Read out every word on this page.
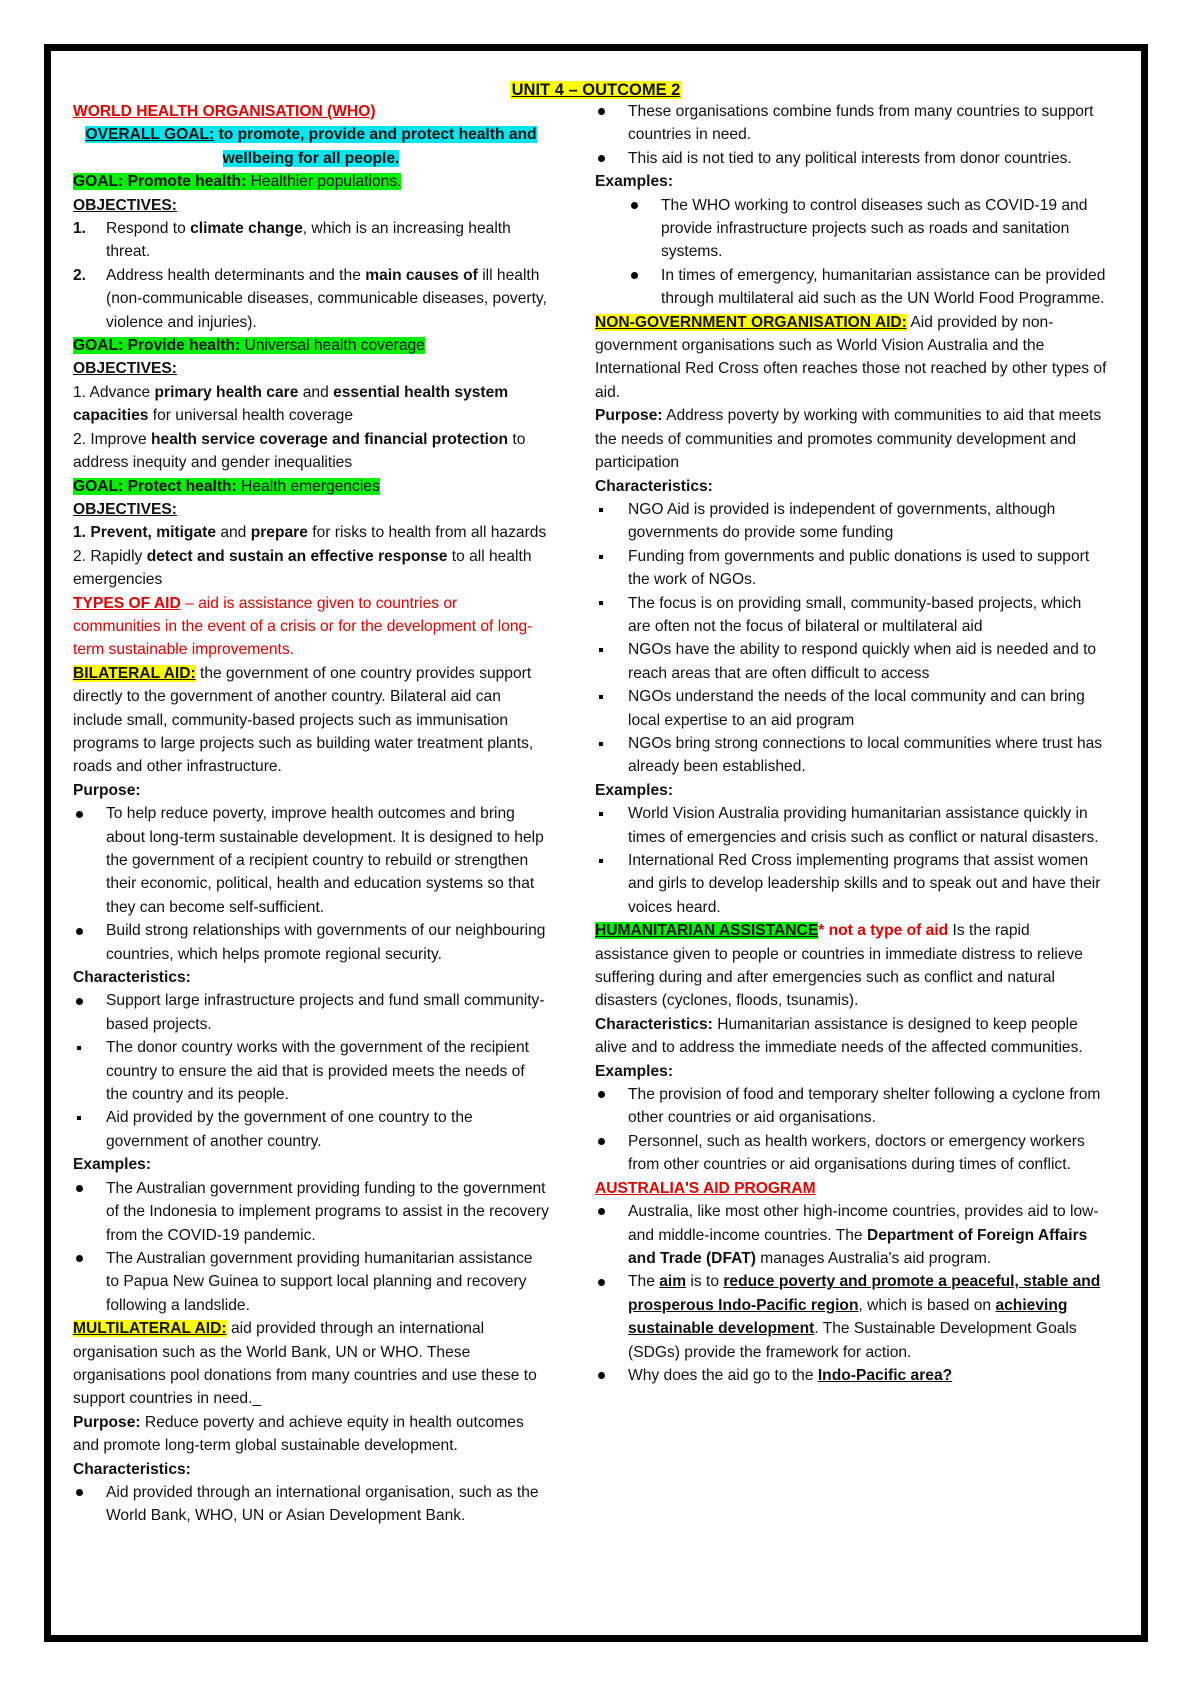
UNIT 4 – OUTCOME 2

WORLD HEALTH ORGANISATION (WHO)

OVERALL GOAL: to promote, provide and protect health and wellbeing for all people.

GOAL: Promote health: Healthier populations.

OBJECTIVES:

1.	Respond to climate change, which is an increasing health threat.
2.	Address health determinants and the main causes of ill health (non-communicable diseases, communicable diseases, poverty, violence and injuries).

GOAL: Provide health: Universal health coverage

OBJECTIVES:

1. Advance primary health care and essential health system capacities for universal health coverage

2. Improve health service coverage and financial protection to address inequity and gender inequalities

GOAL: Protect health: Health emergencies

OBJECTIVES:

1. Prevent, mitigate and prepare for risks to health from all hazards

2. Rapidly detect and sustain an effective response to all health emergencies

TYPES OF AID – aid is assistance given to countries or communities in the event of a crisis or for the development of long-term sustainable improvements.

BILATERAL AID: the government of one country provides support directly to the government of another country. Bilateral aid can include small, community-based projects such as immunisation programs to large projects such as building water treatment plants, roads and other infrastructure.

Purpose:

To help reduce poverty, improve health outcomes and bring about long-term sustainable development. It is designed to help the government of a recipient country to rebuild or strengthen their economic, political, health and education systems so that they can become self-sufficient.
Build strong relationships with governments of our neighbouring countries, which helps promote regional security.

Characteristics:

Support large infrastructure projects and fund small community-based projects.
The donor country works with the government of the recipient country to ensure the aid that is provided meets the needs of the country and its people.
Aid provided by the government of one country to the government of another country.

Examples:

The Australian government providing funding to the government of the Indonesia to implement programs to assist in the recovery from the COVID-19 pandemic.
The Australian government providing humanitarian assistance to Papua New Guinea to support local planning and recovery following a landslide.

MULTILATERAL AID: aid provided through an international organisation such as the World Bank, UN or WHO. These organisations pool donations from many countries and use these to support countries in need._

Purpose: Reduce poverty and achieve equity in health outcomes and promote long-term global sustainable development.

Characteristics:

Aid provided through an international organisation, such as the World Bank, WHO, UN or Asian Development Bank.
These organisations combine funds from many countries to support countries in need.
This aid is not tied to any political interests from donor countries.

Examples:

The WHO working to control diseases such as COVID-19 and provide infrastructure projects such as roads and sanitation systems.
In times of emergency, humanitarian assistance can be provided through multilateral aid such as the UN World Food Programme.

NON-GOVERNMENT ORGANISATION AID: Aid provided by non-government organisations such as World Vision Australia and the International Red Cross often reaches those not reached by other types of aid.

Purpose: Address poverty by working with communities to aid that meets the needs of communities and promotes community development and participation

Characteristics:

NGO Aid is provided is independent of governments, although governments do provide some funding
Funding from governments and public donations is used to support the work of NGOs.
The focus is on providing small, community-based projects, which are often not the focus of bilateral or multilateral aid
NGOs have the ability to respond quickly when aid is needed and to reach areas that are often difficult to access
NGOs understand the needs of the local community and can bring local expertise to an aid program
NGOs bring strong connections to local communities where trust has already been established.

Examples:

World Vision Australia providing humanitarian assistance quickly in times of emergencies and crisis such as conflict or natural disasters.
International Red Cross implementing programs that assist women and girls to develop leadership skills and to speak out and have their voices heard.

HUMANITARIAN ASSISTANCE* not a type of aid Is the rapid assistance given to people or countries in immediate distress to relieve suffering during and after emergencies such as conflict and natural disasters (cyclones, floods, tsunamis).

Characteristics: Humanitarian assistance is designed to keep people alive and to address the immediate needs of the affected communities.

Examples:

The provision of food and temporary shelter following a cyclone from other countries or aid organisations.
Personnel, such as health workers, doctors or emergency workers from other countries or aid organisations during times of conflict.

AUSTRALIA'S AID PROGRAM

Australia, like most other high-income countries, provides aid to low- and middle-income countries. The Department of Foreign Affairs and Trade (DFAT) manages Australia's aid program.
The aim is to reduce poverty and promote a peaceful, stable and prosperous Indo-Pacific region, which is based on achieving sustainable development. The Sustainable Development Goals (SDGs) provide the framework for action.
Why does the aid go to the Indo-Pacific area?
